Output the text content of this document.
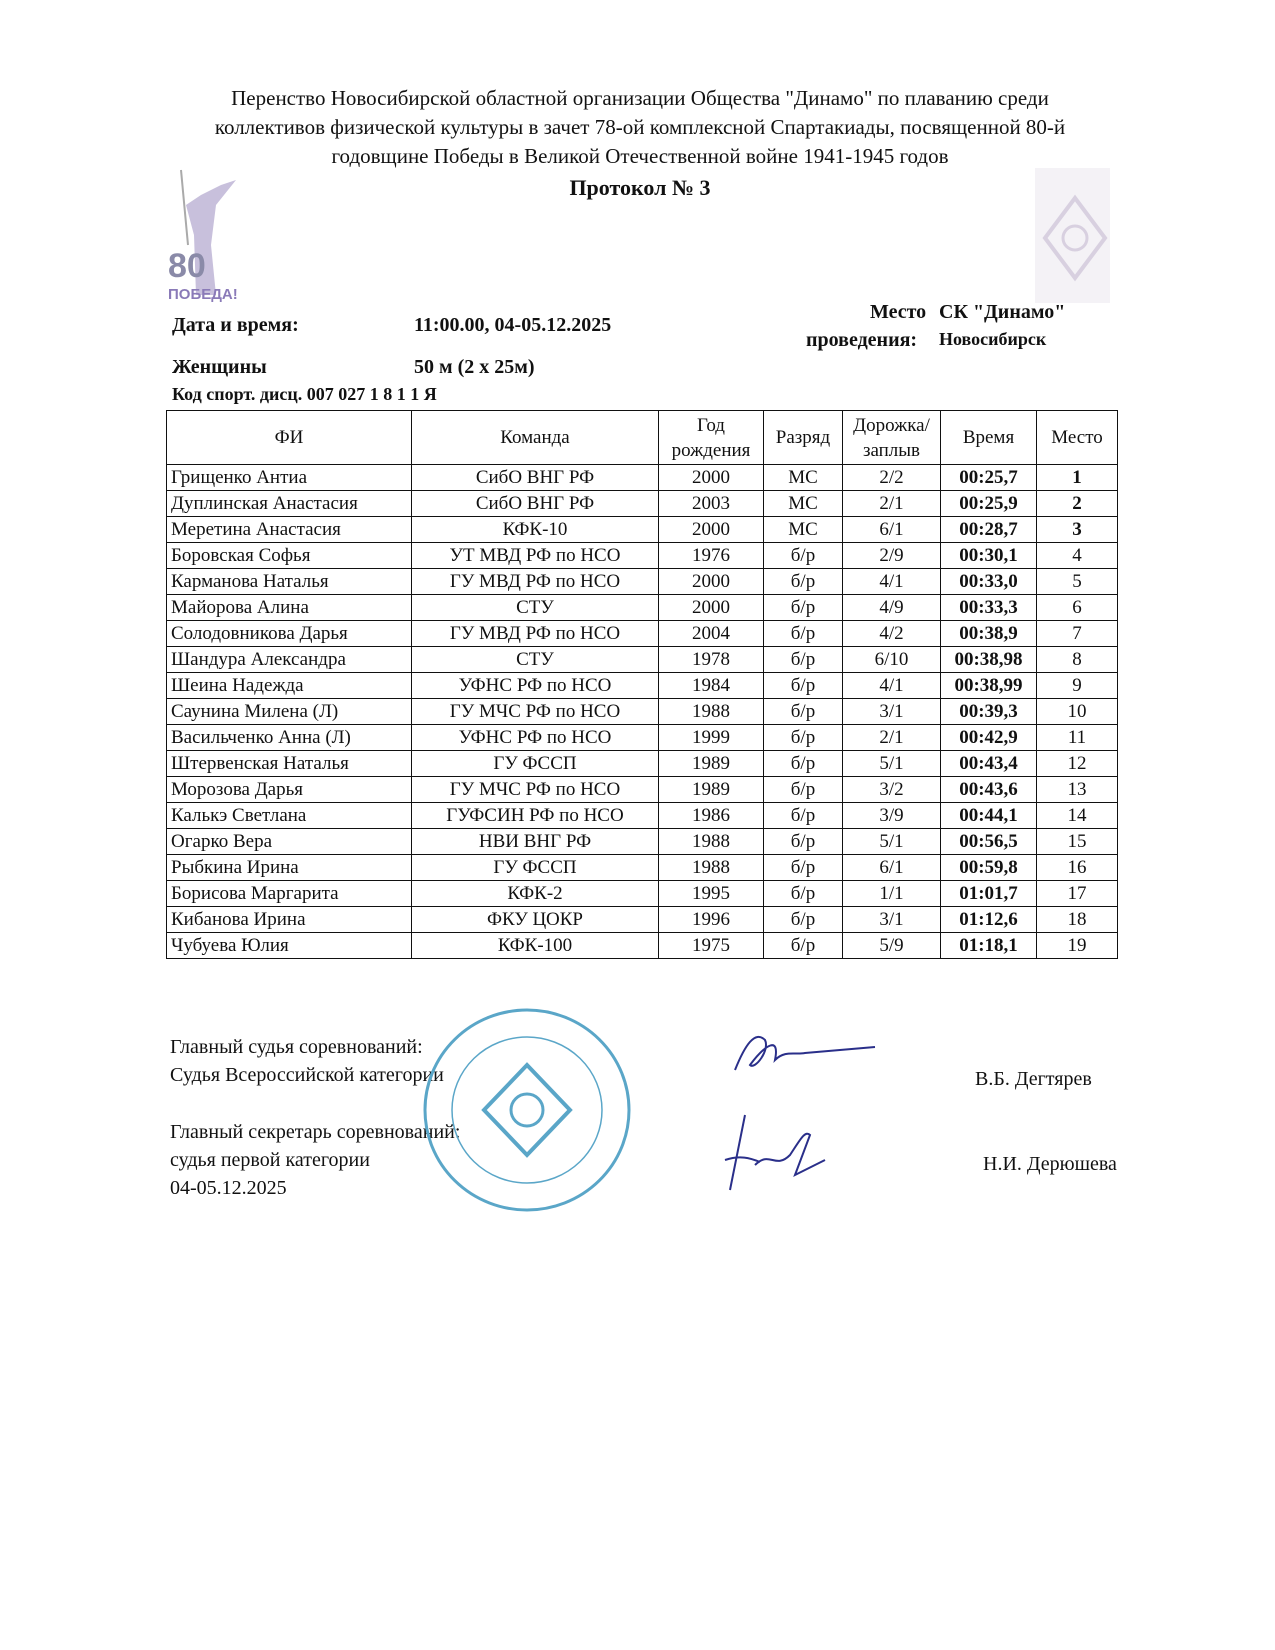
Перенство Новосибирской областной организации Общества "Динамо" по плаванию среди
коллективов физической культуры в зачет 78-ой комплексной Спартакиады, посвященной 80-й
годовщине Победы в Великой Отечественной войне 1941-1945 годов
Протокол № 3
80
ПОБЕДА!
Дата и время:	11:00.00, 04-05.12.2025
Место СК "Динамо"
проведения: Новосибирск
Женщины	50 м (2 х 25м)
Код спорт. дисц. 007 027 1 8 1 1 Я
ФИ	Команда	Год рождения	Разряд	Дорожка/ заплыв	Время	Место
Грищенко Антиа	СибО ВНГ РФ	2000	МС	2/2	00:25,7	1
Дуплинская Анастасия	СибО ВНГ РФ	2003	МС	2/1	00:25,9	2
Меретина Анастасия	КФК-10	2000	МС	6/1	00:28,7	3
Боровская Софья	УТ МВД РФ по НСО	1976	б/р	2/9	00:30,1	4
Карманова Наталья	ГУ МВД РФ по НСО	2000	б/р	4/1	00:33,0	5
Майорова Алина	СТУ	2000	б/р	4/9	00:33,3	6
Солодовникова Дарья	ГУ МВД РФ по НСО	2004	б/р	4/2	00:38,9	7
Шандура Александра	СТУ	1978	б/р	6/10	00:38,98	8
Шеина Надежда	УФНС РФ по НСО	1984	б/р	4/1	00:38,99	9
Саунина Милена (Л)	ГУ МЧС РФ по НСО	1988	б/р	3/1	00:39,3	10
Васильченко Анна (Л)	УФНС РФ по НСО	1999	б/р	2/1	00:42,9	11
Штервенская Наталья	ГУ ФССП	1989	б/р	5/1	00:43,4	12
Морозова Дарья	ГУ МЧС РФ по НСО	1989	б/р	3/2	00:43,6	13
Калькэ Светлана	ГУФСИН РФ по НСО	1986	б/р	3/9	00:44,1	14
Огарко Вера	НВИ ВНГ РФ	1988	б/р	5/1	00:56,5	15
Рыбкина Ирина	ГУ ФССП	1988	б/р	6/1	00:59,8	16
Борисова Маргарита	КФК-2	1995	б/р	1/1	01:01,7	17
Кибанова Ирина	ФКУ ЦОКР	1996	б/р	3/1	01:12,6	18
Чубуева Юлия	КФК-100	1975	б/р	5/9	01:18,1	19
Главный судья соревнований:
Судья Всероссийской категории	В.Б. Дегтярев
Главный секретарь соревнований:
судья первой категории
04-05.12.2025
Н.И. Дерюшева
